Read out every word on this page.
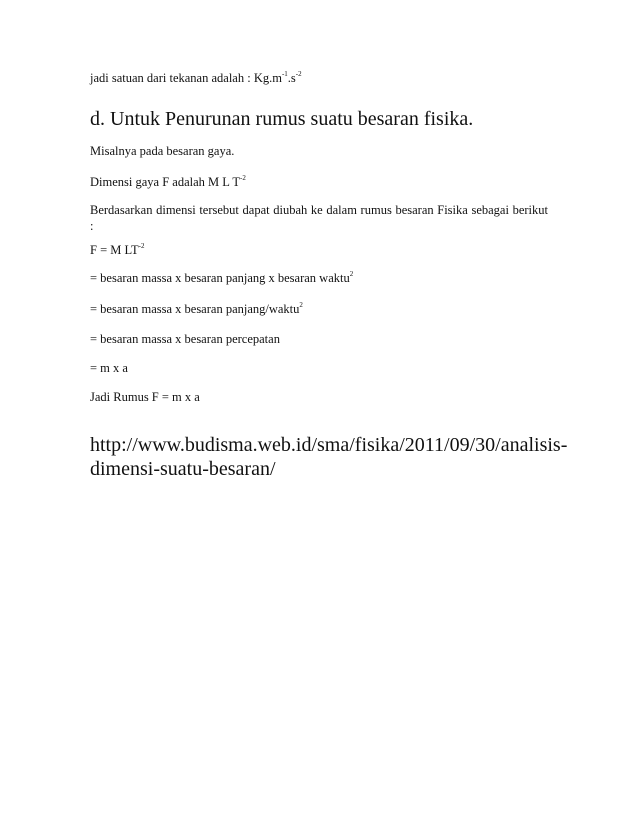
jadi satuan dari tekanan adalah : $Kg.m^{-1}.s^{-2}$
d. Untuk Penurunan rumus suatu besaran fisika.
Misalnya pada besaran gaya.
Dimensi gaya F adalah M L $T^{-2}$
Berdasarkan dimensi tersebut dapat diubah ke dalam rumus besaran Fisika sebagai berikut :
F = M $LT^{-2}$
= besaran massa x besaran panjang x besaran waktu$^2$
= besaran massa x besaran panjang/waktu$^2$
= besaran massa x besaran percepatan
= m x a
Jadi Rumus F = m x a
http://www.budisma.web.id/sma/fisika/2011/09/30/analisis-
dimensi-suatu-besaran/
